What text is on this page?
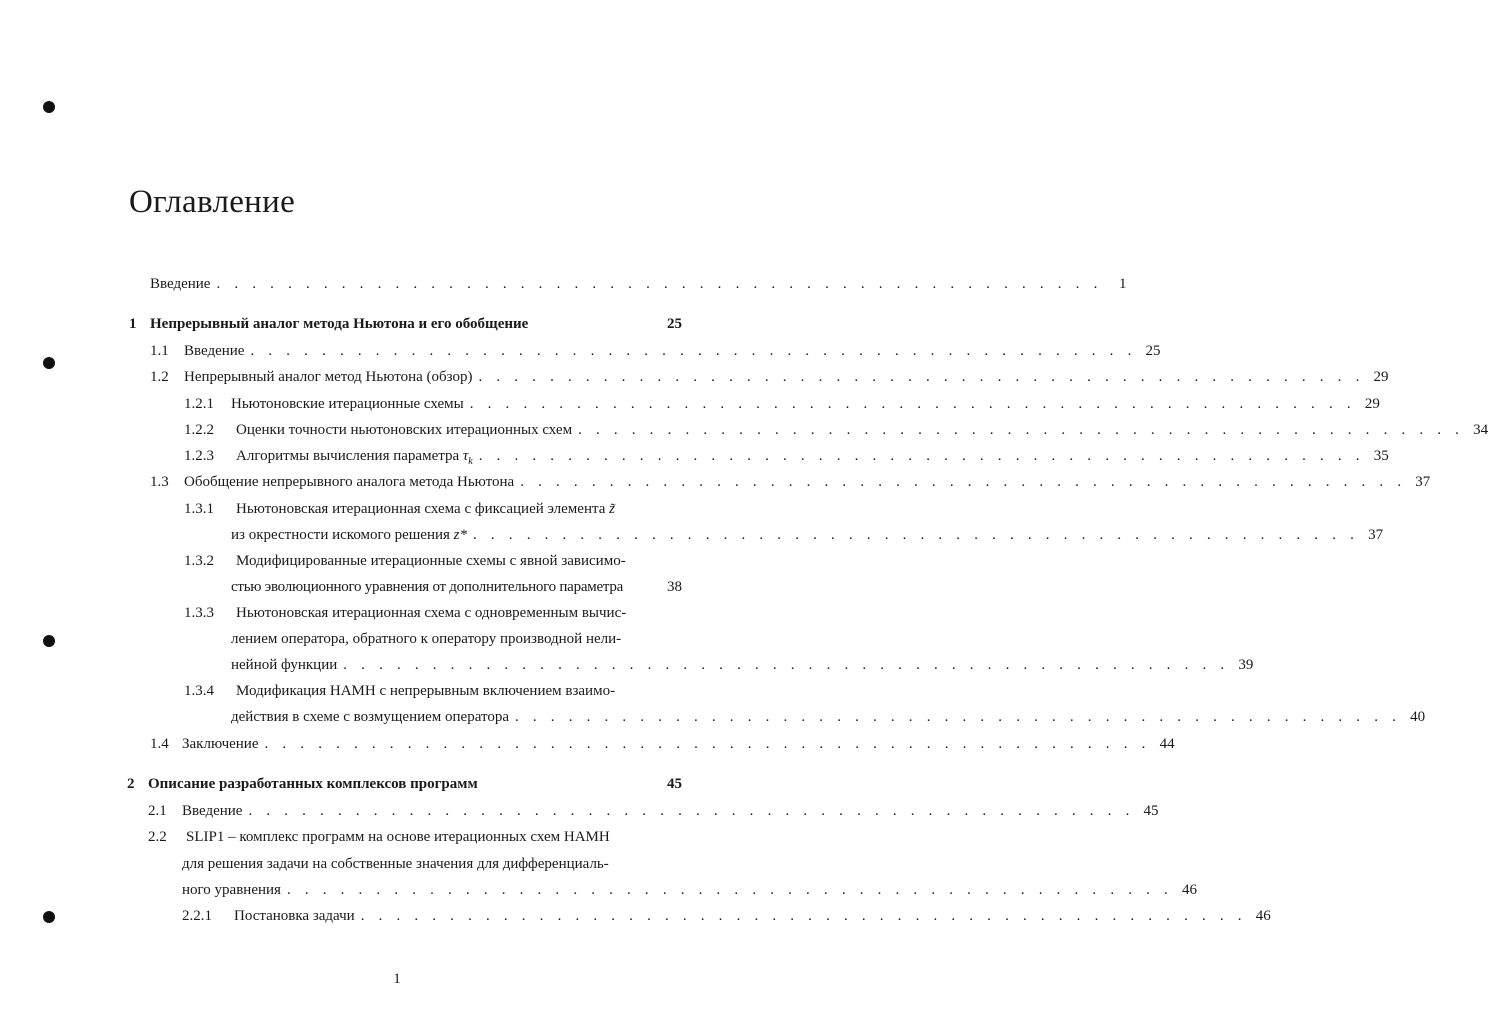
Оглавление
Введение . . . . . . . . . . . . . . . . . . . . . . . . . . . . . . . . . . . . . . . . . . . . . . . . . .	1
1 Непрерывный аналог метода Ньютона и его обобщение	25
1.1	Введение . . . . . . . . . . . . . . . . . . . . . . . . . . . . . . . . . . . . . . . . . . . . . . . . . . 25
1.2	Непрерывный аналог метод Ньютона (обзор) . . . . . . . . . . . . . . . . . . . . . . . . . . . . . . . . . . . . . . . . . . . . . . . . . . 29
1.2.1	Ньютоновские итерационные схемы . . . . . . . . . . . . . . . . . . . . . . . . . . . . . . . . . . . . . . . . . . . . . . . . . . 29
1.2.2	Оценки точности ньютоновских итерационных схем . . . . . . . . . . . . . . . . . . . . . . . . . . . . . . . . . . . . . . . . . . . . . . . . . . 34
1.2.3	Алгоритмы вычисления параметра $\tau_k$ . . . . . . . . . . . . . . . . . . . . . . . . . . . . . . . . . . . . . . . . . . . . . . . . . . 35
1.3	Обобщение непрерывного аналога метода Ньютона . . . . . . . . . . . . . . . . . . . . . . . . . . . . . . . . . . . . . . . . . . . . . . . . . . 37
1.3.1	Ньютоновская итерационная схема с фиксацией элемента z̃
из окрестности искомого решения z* . . . . . . . . . . . . . . . . . . . . . . . . . . . . . . . . . . . . . . . . . . . . . . . . . . 37
1.3.2	Модифицированные итерационные схемы с явной зависимо-
стью эволюционного уравнения от дополнительного параметра	38
1.3.3	Ньютоновская итерационная схема с одновременным вычис-
лением оператора, обратного к оператору производной нели-
нейной функции . . . . . . . . . . . . . . . . . . . . . . . . . . . . . . . . . . . . . . . . . . . . . . . . . . 39
1.3.4	Модификация НАМН с непрерывным включением взаимо-
действия в схеме с возмущением оператора . . . . . . . . . . . . . . . . . . . . . . . . . . . . . . . . . . . . . . . . . . . . . . . . . . 40
1.4 Заключение . . . . . . . . . . . . . . . . . . . . . . . . . . . . . . . . . . . . . . . . . . . . . . . . . . 44
2 Описание разработанных комплексов программ	45
2.1	Введение . . . . . . . . . . . . . . . . . . . . . . . . . . . . . . . . . . . . . . . . . . . . . . . . . . 45
2.2	SLIP1 – комплекс программ на основе итерационных схем НАМН
для решения задачи на собственные значения для дифференциаль-
ного уравнения . . . . . . . . . . . . . . . . . . . . . . . . . . . . . . . . . . . . . . . . . . . . . . . . . . 46
2.2.1	Постановка задачи . . . . . . . . . . . . . . . . . . . . . . . . . . . . . . . . . . . . . . . . . . . . . . . . . . 46
1
